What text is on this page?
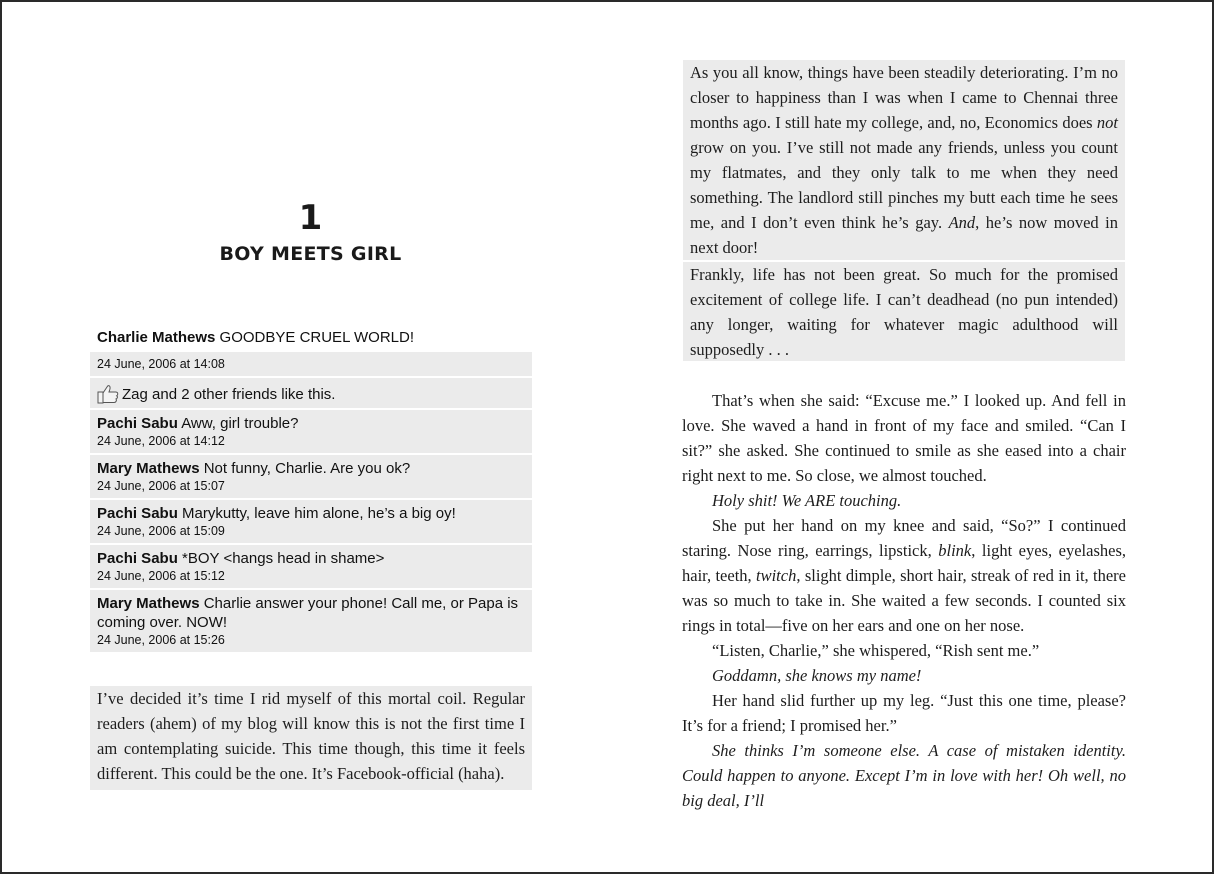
1
BOY MEETS GIRL
Charlie Mathews GOODBYE CRUEL WORLD!
24 June, 2006 at 14:08
Zag and 2 other friends like this.
Pachi Sabu Aww, girl trouble?
24 June, 2006 at 14:12
Mary Mathews Not funny, Charlie. Are you ok?
24 June, 2006 at 15:07
Pachi Sabu Marykutty, leave him alone, he’s a big oy!
24 June, 2006 at 15:09
Pachi Sabu *BOY <hangs head in shame>
24 June, 2006 at 15:12
Mary Mathews Charlie answer your phone! Call me, or Papa is coming over. NOW!
24 June, 2006 at 15:26
I’ve decided it’s time I rid myself of this mortal coil. Regular readers (ahem) of my blog will know this is not the first time I am contemplating suicide. This time though, this time it feels different. This could be the one. It’s Facebook-official (haha).
As you all know, things have been steadily deteriorating. I’m no closer to happiness than I was when I came to Chennai three months ago. I still hate my college, and, no, Economics does not grow on you. I’ve still not made any friends, unless you count my flatmates, and they only talk to me when they need something. The landlord still pinches my butt each time he sees me, and I don’t even think he’s gay. And, he’s now moved in next door!
Frankly, life has not been great. So much for the promised excitement of college life. I can’t deadhead (no pun intended) any longer, waiting for whatever magic adulthood will supposedly . . .

That’s when she said: “Excuse me.” I looked up. And fell in love. She waved a hand in front of my face and smiled. “Can I sit?” she asked. She continued to smile as she eased into a chair right next to me. So close, we almost touched.

Holy shit! We ARE touching.

She put her hand on my knee and said, “So?” I continued staring. Nose ring, earrings, lipstick, blink, light eyes, eyelashes, hair, teeth, twitch, slight dimple, short hair, streak of red in it, there was so much to take in. She waited a few seconds. I counted six rings in total—five on her ears and one on her nose.

“Listen, Charlie,” she whispered, “Rish sent me.”

Goddamn, she knows my name!

Her hand slid further up my leg. “Just this one time, please? It’s for a friend; I promised her.”

She thinks I’m someone else. A case of mistaken identity. Could happen to anyone. Except I’m in love with her! Oh well, no big deal, I’ll
